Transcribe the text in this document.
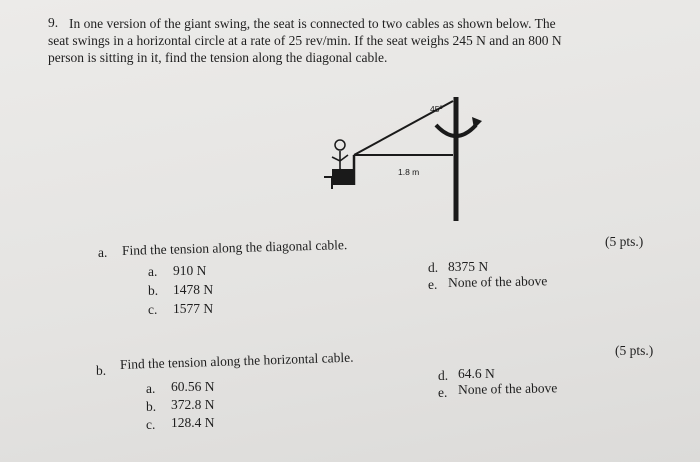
9. In one version of the giant swing, the seat is connected to two cables as shown below. The
seat swings in a horizontal circle at a rate of 25 rev/min. If the seat weighs 245 N and an 800 N
person is sitting in it, find the tension along the diagonal cable.
45º
1.8 m
a. Find the tension along the diagonal cable.	(5 pts.)
a. 910 N
b. 1478 N
c. 1577 N
d. 8375 N
e. None of the above
b. Find the tension along the horizontal cable.	(5 pts.)
a. 60.56 N
b. 372.8 N
c. 128.4 N
d. 64.6 N
e. None of the above
